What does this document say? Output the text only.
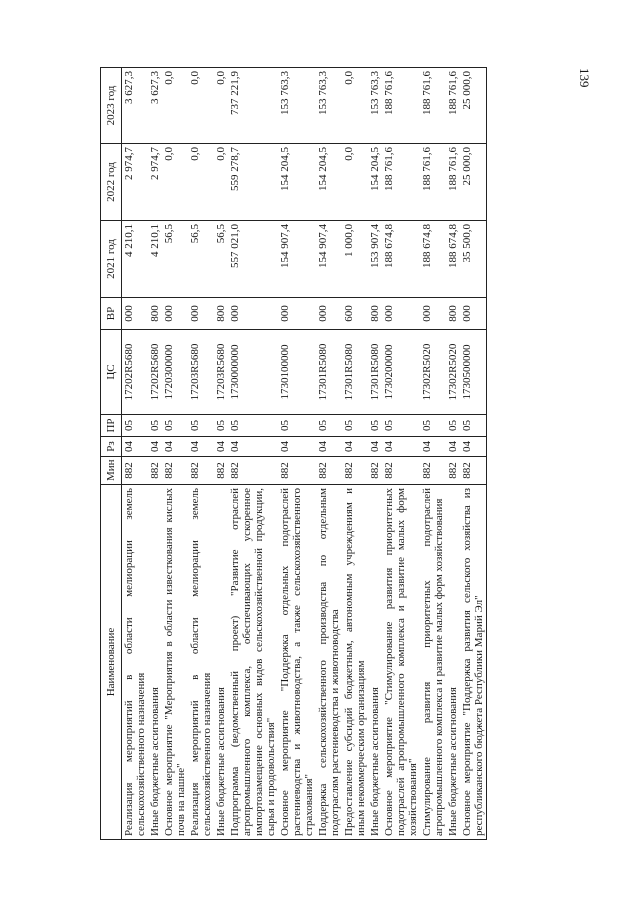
139
Наименование	Мин	Рз	ПР	ЦС	ВР	2021 год	2022 год	2023 год
Реализация мероприятий в области мелиорации земель сельскохозяйственного назначения	882	04	05	17202R5680	000	4 210,1	2 974,7	3 627,3
Иные бюджетные ассигнования	882	04	05	17202R5680	800	4 210,1	2 974,7	3 627,3
Основное мероприятие "Мероприятия в области известкования кислых почв на пашне"	882	04	05	1720300000	000	56,5	0,0	0,0
Реализация мероприятий в области мелиорации земель сельскохозяйственного назначения	882	04	05	17203R5680	000	56,5	0,0	0,0
Иные бюджетные ассигнования	882	04	05	17203R5680	800	56,5	0,0	0,0
Подпрограмма (ведомственный проект) "Развитие отраслей агропромышленного комплекса, обеспечивающих ускоренное импортозамещение основных видов сельскохозяйственной продукции, сырья и продовольствия"	882	04	05	1730000000	000	557 021,0	559 278,7	737 221,9
Основное мероприятие "Поддержка отдельных подотраслей растениеводства и животноводства, а также сельскохозяйственного страхования"	882	04	05	1730100000	000	154 907,4	154 204,5	153 763,3
Поддержка сельскохозяйственного производства по отдельным подотраслям растениеводства и животноводства	882	04	05	17301R5080	000	154 907,4	154 204,5	153 763,3
Предоставление субсидий бюджетным, автономным учреждениям и иным некоммерческим организациям	882	04	05	17301R5080	600	1 000,0	0,0	0,0
Иные бюджетные ассигнования	882	04	05	17301R5080	800	153 907,4	154 204,5	153 763,3
Основное мероприятие "Стимулирование развития приоритетных подотраслей агропромышленного комплекса и развитие малых форм хозяйствования"	882	04	05	1730200000	000	188 674,8	188 761,6	188 761,6
Стимулирование развития приоритетных подотраслей агропромышленного комплекса и развитие малых форм хозяйствования	882	04	05	17302R5020	000	188 674,8	188 761,6	188 761,6
Иные бюджетные ассигнования	882	04	05	17302R5020	800	188 674,8	188 761,6	188 761,6
Основное мероприятие "Поддержка развития сельского хозяйства из республиканского бюджета Республики Марий Эл"	882	04	05	1730500000	000	35 500,0	25 000,0	25 000,0
